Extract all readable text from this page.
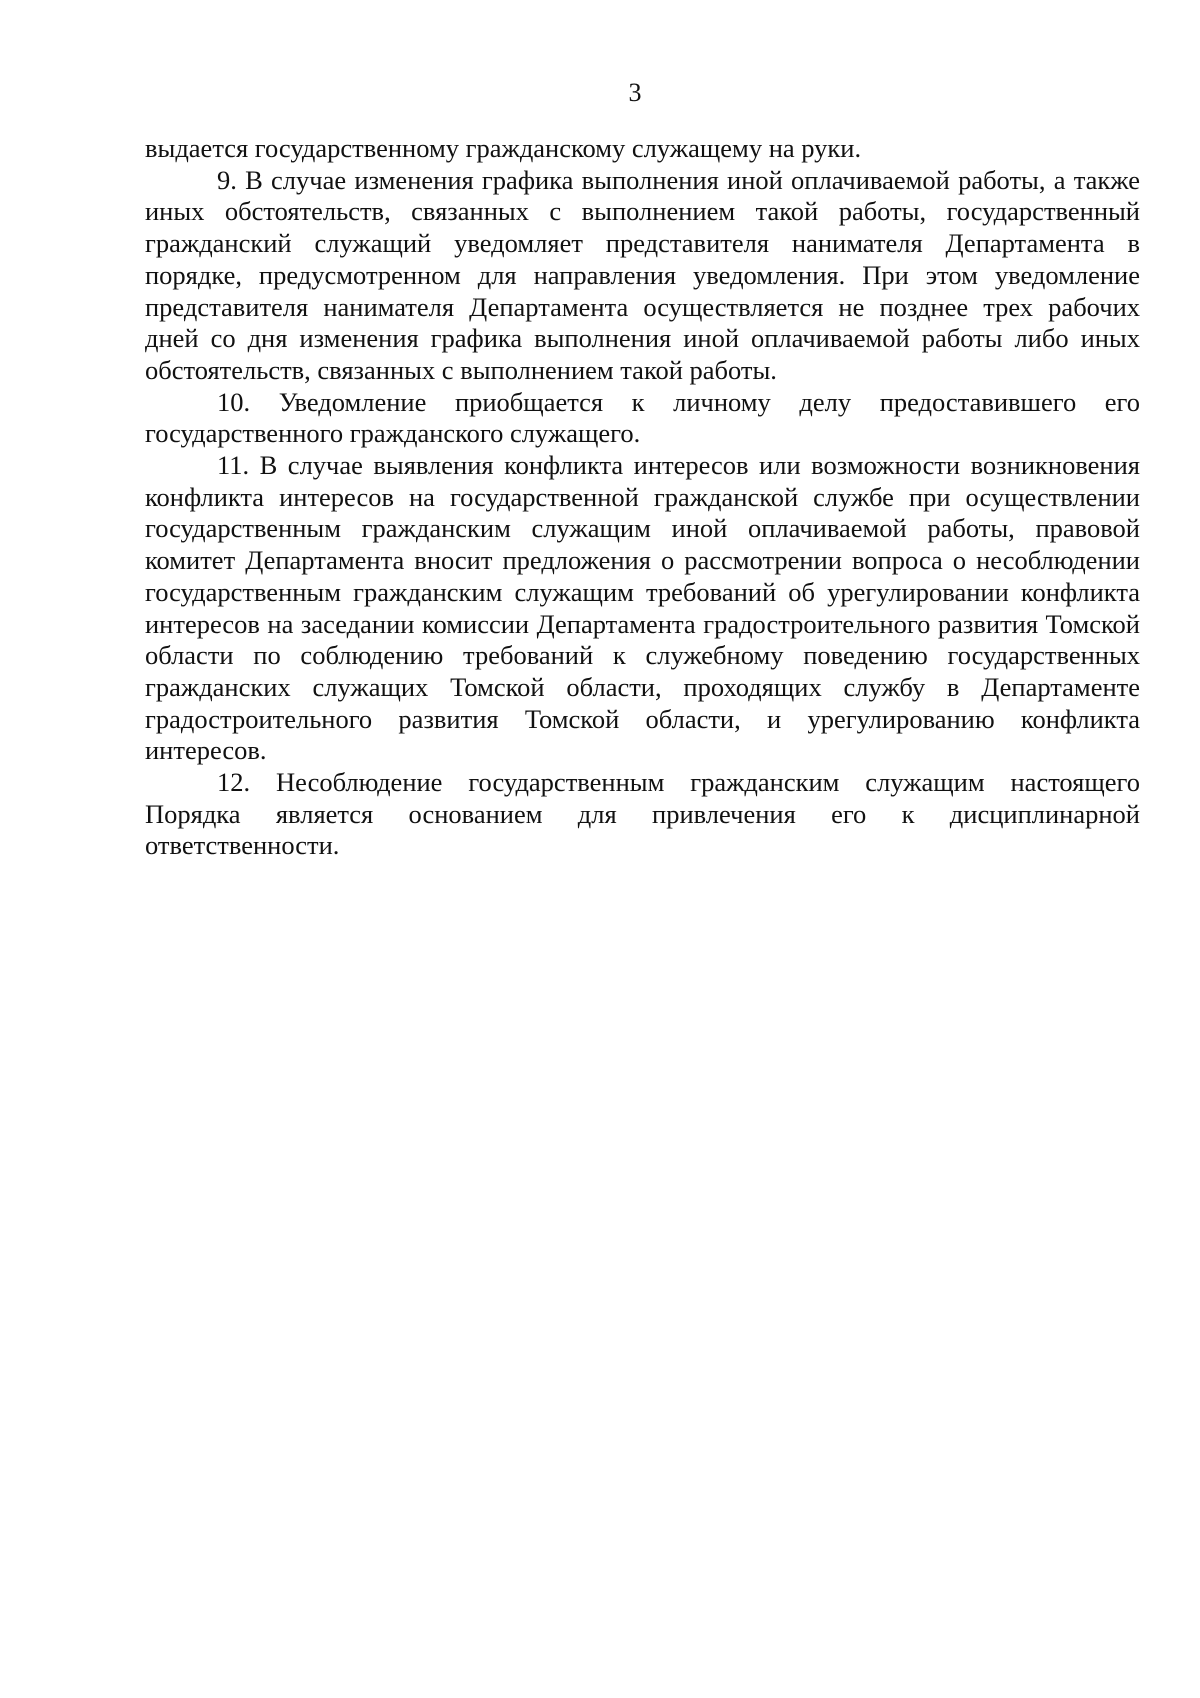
3

выдается государственному гражданскому служащему на руки.

9. В случае изменения графика выполнения иной оплачиваемой работы, а также иных обстоятельств, связанных с выполнением такой работы, государственный гражданский служащий уведомляет представителя нанимателя Департамента в порядке, предусмотренном для направления уведомления. При этом уведомление представителя нанимателя Департамента осуществляется не позднее трех рабочих дней со дня изменения графика выполнения иной оплачиваемой работы либо иных обстоятельств, связанных с выполнением такой работы.

10. Уведомление приобщается к личному делу предоставившего его государственного гражданского служащего.

11. В случае выявления конфликта интересов или возможности возникновения конфликта интересов на государственной гражданской службе при осуществлении государственным гражданским служащим иной оплачиваемой работы, правовой комитет Департамента вносит предложения о рассмотрении вопроса о несоблюдении государственным гражданским служащим требований об урегулировании конфликта интересов на заседании комиссии Департамента градостроительного развития Томской области по соблюдению требований к служебному поведению государственных гражданских служащих Томской области, проходящих службу в Департаменте градостроительного развития Томской области, и урегулированию конфликта интересов.

12. Несоблюдение государственным гражданским служащим настоящего Порядка является основанием для привлечения его к дисциплинарной ответственности.
